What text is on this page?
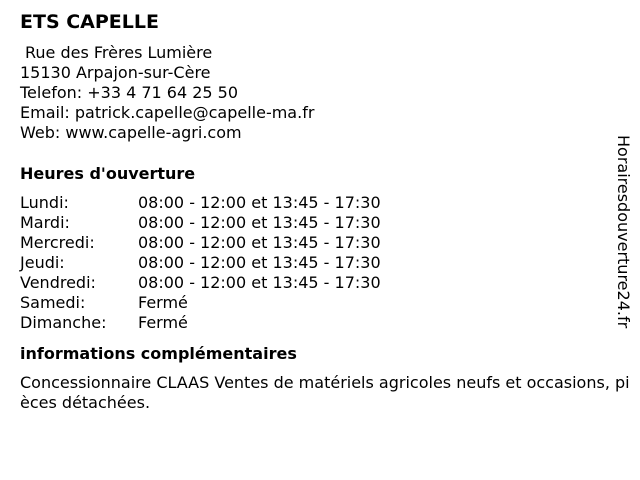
ETS CAPELLE
Rue des Frères Lumière
15130 Arpajon-sur-Cère
Telefon: +33 4 71 64 25 50
Email: patrick.capelle@capelle-ma.fr
Web: www.capelle-agri.com
Heures d'ouverture
Lundi:	08:00 - 12:00 et 13:45 - 17:30
Mardi:	08:00 - 12:00 et 13:45 - 17:30
Mercredi:	08:00 - 12:00 et 13:45 - 17:30
Jeudi:	08:00 - 12:00 et 13:45 - 17:30
Vendredi:	08:00 - 12:00 et 13:45 - 17:30
Samedi:	Fermé
Dimanche:	Fermé
informations complémentaires
Concessionnaire CLAAS Ventes de matériels agricoles neufs et occasions, pièces détachées.
Horairesdouverture24.fr
